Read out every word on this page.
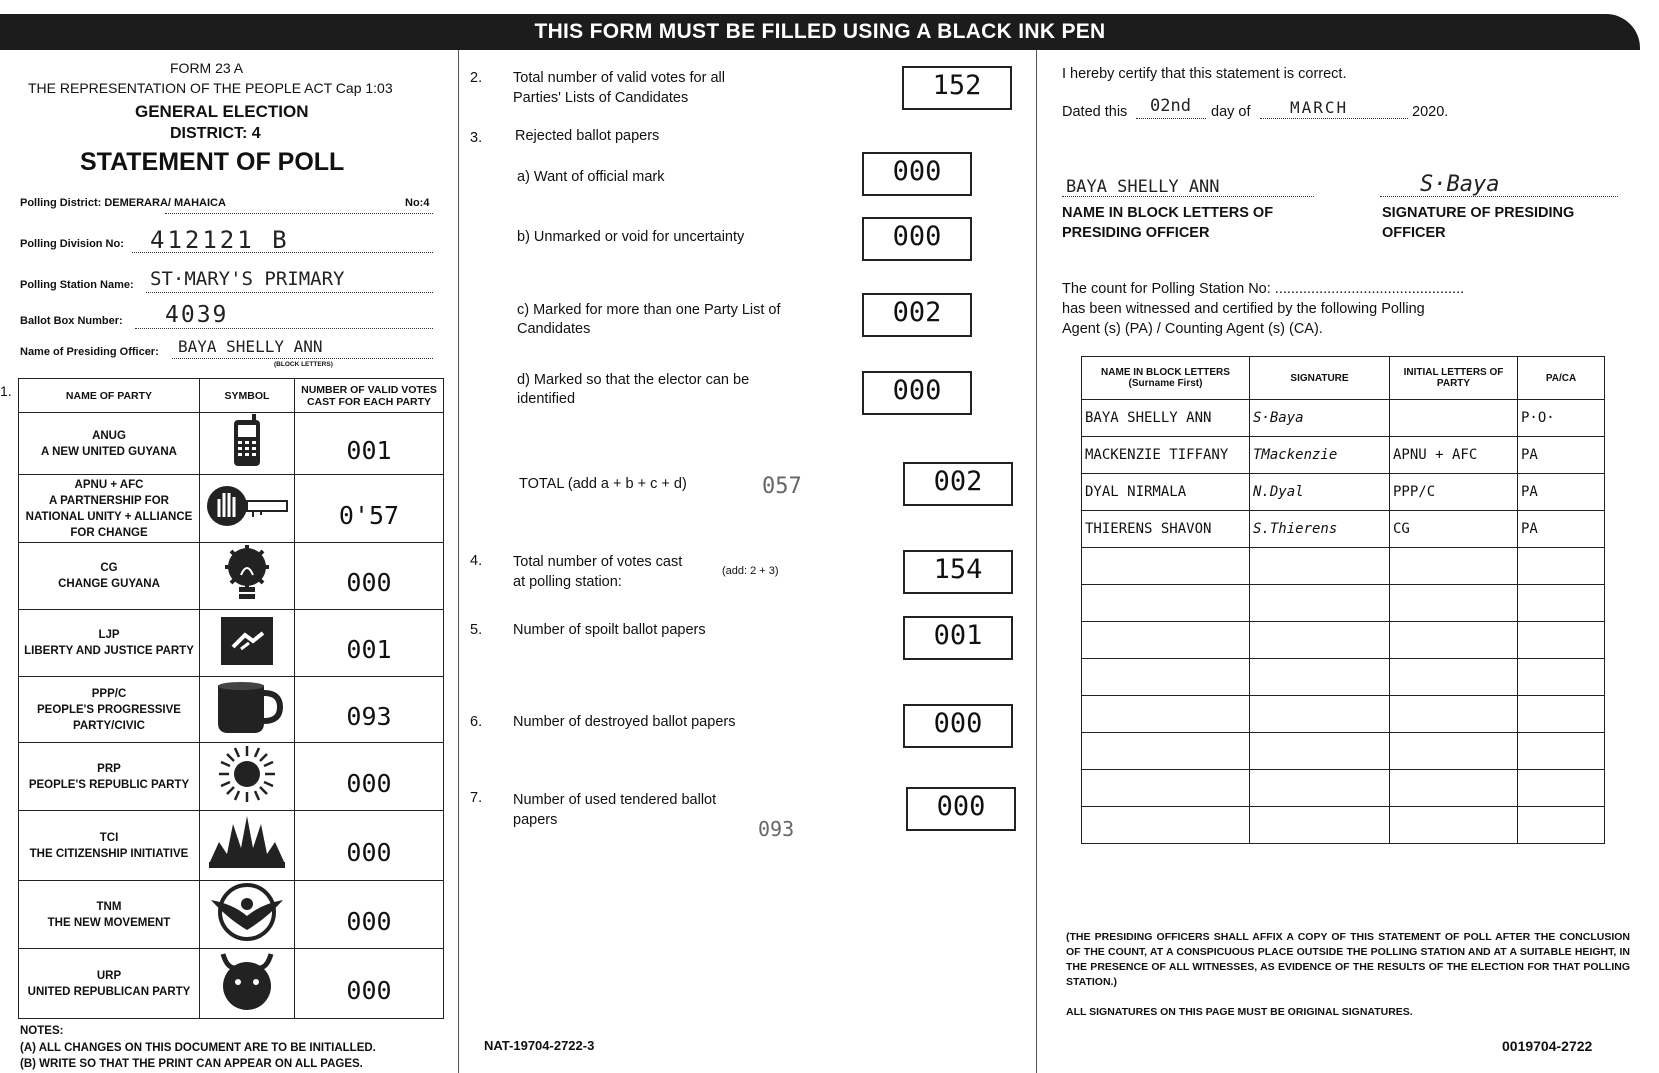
THIS FORM MUST BE FILLED USING A BLACK INK PEN
FORM 23 A
THE REPRESENTATION OF THE PEOPLE ACT Cap 1:03
GENERAL ELECTION
DISTRICT: 4
STATEMENT OF POLL
Polling District: DEMERARA/ MAHAICA	No:4
Polling Division No: 412121 B
Polling Station Name: ST·MARY'S PRIMARY
Ballot Box Number: 4039
Name of Presiding Officer: BAYA SHELLY ANN
(BLOCK LETTERS)
1.	NAME OF PARTY	SYMBOL	NUMBER OF VALID VOTES CAST FOR EACH PARTY

ANUG
A NEW UNITED GUYANA		001

APNU + AFC
A PARTNERSHIP FOR NATIONAL UNITY + ALLIANCE FOR CHANGE		0'57

CG
CHANGE GUYANA		000

LJP
LIBERTY AND JUSTICE PARTY		001

PPP/C
PEOPLE'S PROGRESSIVE PARTY/CIVIC		093

PRP
PEOPLE'S REPUBLIC PARTY		000

TCI
THE CITIZENSHIP INITIATIVE		000

TNM
THE NEW MOVEMENT		000

URP
UNITED REPUBLICAN PARTY		000
NOTES:
(A) ALL CHANGES ON THIS DOCUMENT ARE TO BE INITIALLED.
(B) WRITE SO THAT THE PRINT CAN APPEAR ON ALL PAGES.
2. Total number of valid votes for all Parties' Lists of Candidates	152
3. Rejected ballot papers
a) Want of official mark	000
b) Unmarked or void for uncertainty	000
c) Marked for more than one Party List of Candidates
002
d) Marked so that the elector can be identified	000
TOTAL (add a + b + c + d)	057	002
4. Total number of votes cast at polling station:
(add: 2 + 3)	154
5. Number of spoilt ballot papers	001
6. Number of destroyed ballot papers	000
7. Number of used tendered ballot papers	093
000
NAT-19704-2722-3
I hereby certify that this statement is correct.
Dated this 02nd day of MARCH	2020.
BAYA SHELLY ANN
NAME IN BLOCK LETTERS OF PRESIDING OFFICER
S·Baya
SIGNATURE OF PRESIDING OFFICER
The count for Polling Station No: ...............................................
has been witnessed and certified by the following Polling
Agent (s) (PA) / Counting Agent (s) (CA).
NAME IN BLOCK LETTERS (Surname First)	SIGNATURE	INITIAL LETTERS OF PARTY	PA/CA
BAYA SHELLY ANN	S·Baya		P·O·
MACKENZIE TIFFANY	TMackenzie	APNU + AFC	PA
DYAL NIRMALA	N.Dyal	PPP/C	PA
THIERENS SHAVON	S.Thierens	CG	PA

(THE PRESIDING OFFICERS SHALL AFFIX A COPY OF THIS STATEMENT OF POLL AFTER THE CONCLUSION OF THE COUNT, AT A CONSPICUOUS PLACE OUTSIDE THE POLLING STATION AND AT A SUITABLE HEIGHT, IN THE PRESENCE OF ALL WITNESSES, AS EVIDENCE OF THE RESULTS OF THE ELECTION FOR THAT POLLING STATION.)
ALL SIGNATURES ON THIS PAGE MUST BE ORIGINAL SIGNATURES.
0019704-2722
